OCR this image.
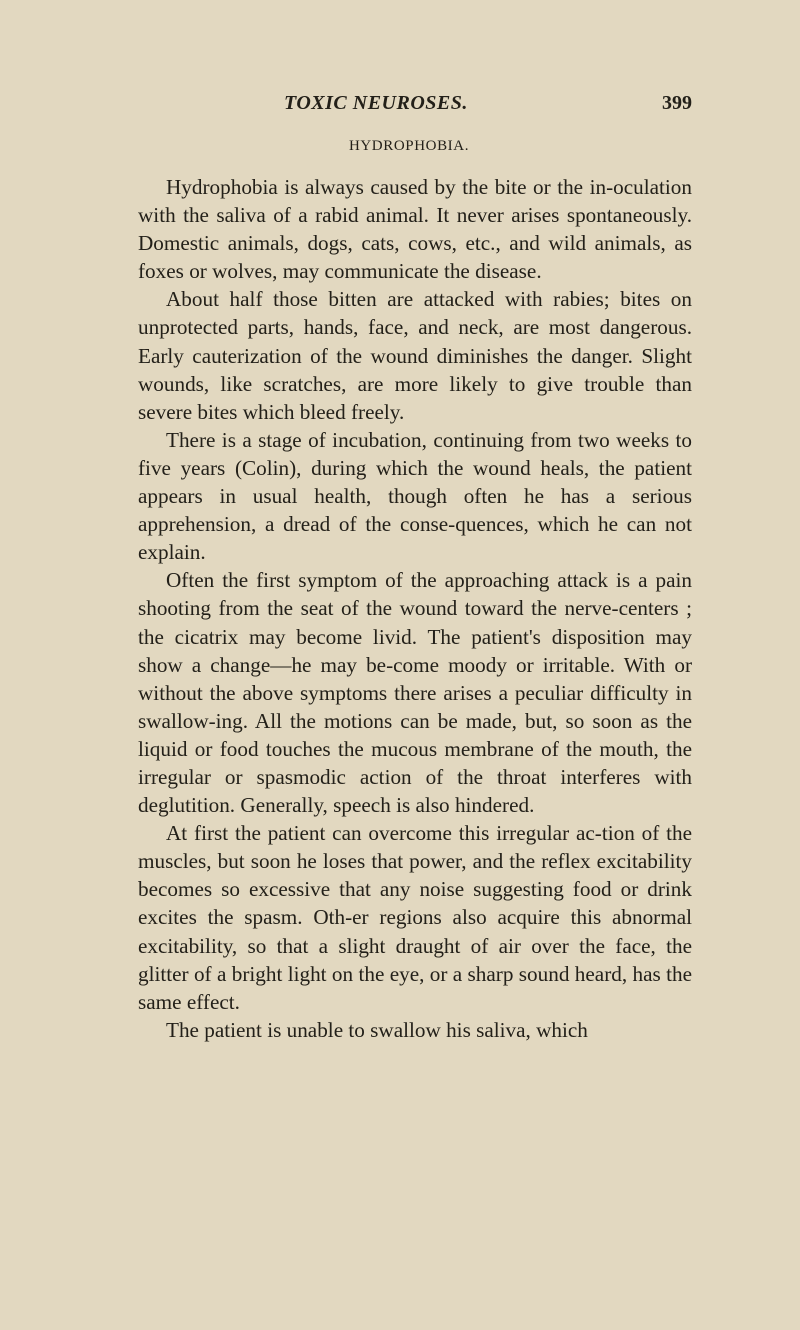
TOXIC NEUROSES.	399
HYDROPHOBIA.

Hydrophobia is always caused by the bite or the in-oculation with the saliva of a rabid animal. It never arises spontaneously. Domestic animals, dogs, cats, cows, etc., and wild animals, as foxes or wolves, may communicate the disease.

About half those bitten are attacked with rabies; bites on unprotected parts, hands, face, and neck, are most dangerous. Early cauterization of the wound diminishes the danger. Slight wounds, like scratches, are more likely to give trouble than severe bites which bleed freely.

There is a stage of incubation, continuing from two weeks to five years (Colin), during which the wound heals, the patient appears in usual health, though often he has a serious apprehension, a dread of the conse-quences, which he can not explain.

Often the first symptom of the approaching attack is a pain shooting from the seat of the wound toward the nerve-centers ; the cicatrix may become livid. The patient's disposition may show a change—he may be-come moody or irritable. With or without the above symptoms there arises a peculiar difficulty in swallow-ing. All the motions can be made, but, so soon as the liquid or food touches the mucous membrane of the mouth, the irregular or spasmodic action of the throat interferes with deglutition. Generally, speech is also hindered.

At first the patient can overcome this irregular ac-tion of the muscles, but soon he loses that power, and the reflex excitability becomes so excessive that any noise suggesting food or drink excites the spasm. Oth-er regions also acquire this abnormal excitability, so that a slight draught of air over the face, the glitter of a bright light on the eye, or a sharp sound heard, has the same effect.

The patient is unable to swallow his saliva, which
